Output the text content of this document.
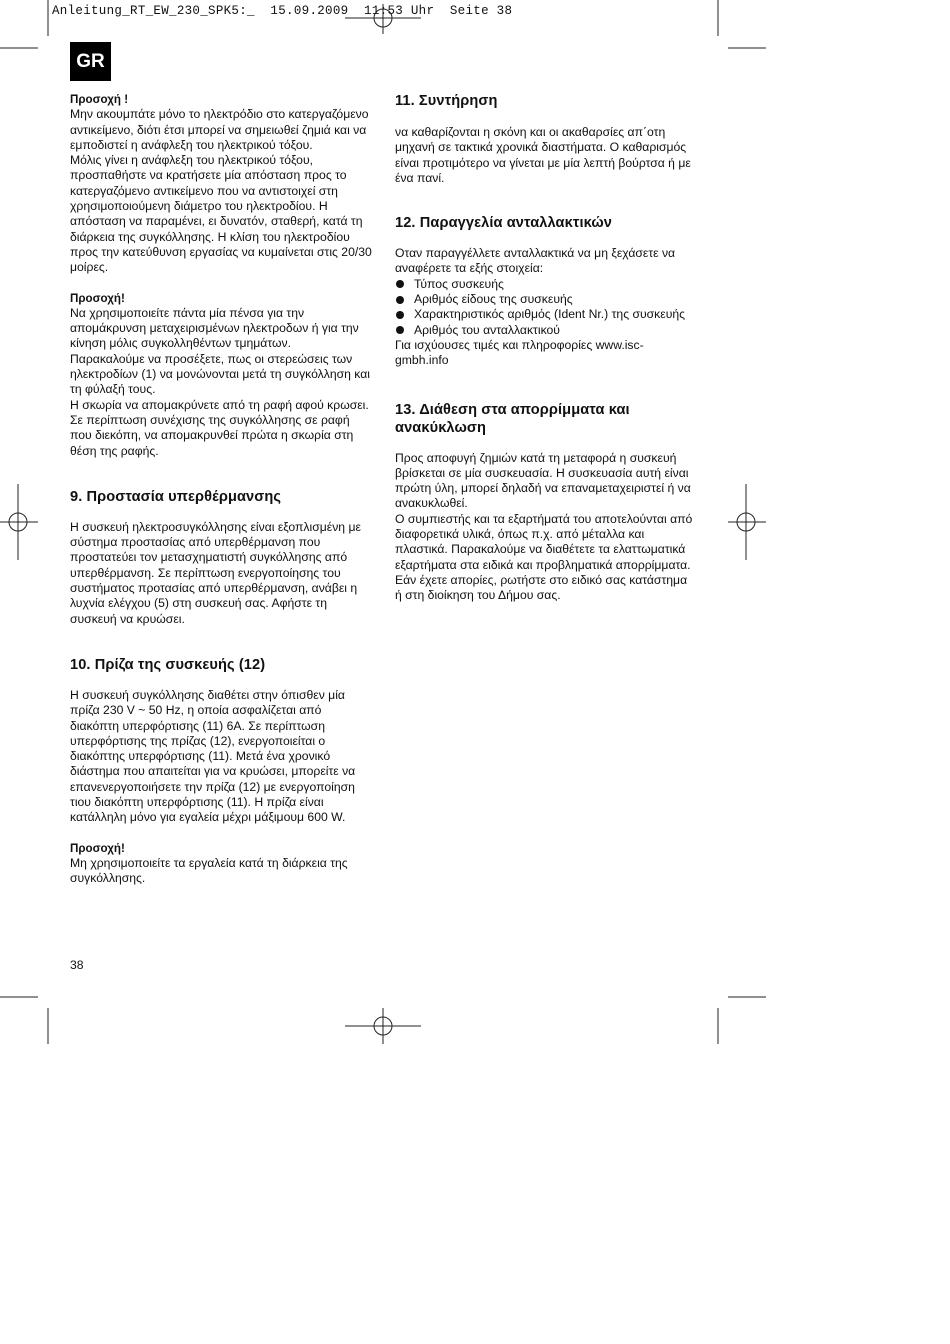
Anleitung_RT_EW_230_SPK5:_  15.09.2009  11:53 Uhr  Seite 38
GR

Προσοχή !

Μην ακουμπάτε μόνο το ηλεκτρόδιο στο κατεργαζόμενο αντικείμενο, διότι έτσι μπορεί να σημειωθεί ζημιά και να εμποδιστεί η ανάφλεξη του ηλεκτρικού τόξου.

Μόλις γίνει η ανάφλεξη του ηλεκτρικού τόξου, προσπαθήστε να κρατήσετε μία απόσταση προς το κατεργαζόμενο αντικείμενο που να αντιστοιχεί στη χρησιμοποιούμενη διάμετρο του ηλεκτροδίου. Η απόσταση να παραμένει, ει δυνατόν, σταθερή, κατά τη διάρκεια της συγκόλλησης. Η κλίση του ηλεκτροδίου προς την κατεύθυνση εργασίας να κυμαίνεται στις 20/30 μοίρες.

Προσοχή!

Να χρησιμοποιείτε πάντα μία πένσα για την απομάκρυνση μεταχειρισμένων ηλεκτροδων ή για την κίνηση μόλις συγκολληθέντων τμημάτων.

Παρακαλούμε να προσέξετε, πως οι στερεώσεις των ηλεκτροδίων (1) να μονώνονται μετά τη συγκόλληση και τη φύλαξή τους.

Η σκωρία να απομακρύνετε από τη ραφή αφού κρωσει.

Σε περίπτωση συνέχισης της συγκόλλησης σε ραφή που διεκόπη, να απομακρυνθεί πρώτα η σκωρία στη θέση της ραφής.

9. Προστασία υπερθέρμανσης

Η συσκευή ηλεκτροσυγκόλλησης είναι εξοπλισμένη με σύστημα προστασίας από υπερθέρμανση που προστατεύει τον μετασχηματιστή συγκόλλησης από υπερθέρμανση. Σε περίπτωση ενεργοποίησης του συστήματος προτασίας από υπερθέρμανση, ανάβει η λυχνία ελέγχου (5) στη συσκευή σας. Αφήστε τη συσκευή να κρυώσει.

10. Πρίζα της συσκευής (12)

Η συσκευή συγκόλλησης διαθέτει στην όπισθεν μία πρίζα 230 V ~ 50 Hz, η οποία ασφαλίζεται από διακόπτη υπερφόρτισης (11) 6A. Σε περίπτωση υπερφόρτισης της πρίζας (12), ενεργοποιείται ο διακόπτης υπερφόρτισης (11). Μετά ένα χρονικό διάστημα που απαιτείται για να κρυώσει, μπορείτε να επανενεργοποιήσετε την πρίζα (12) με ενεργοποίηση τιου διακόπτη υπερφόρτισης (11). Η πρίζα είναι κατάλληλη μόνο για εγαλεία μέχρι μάξιμουμ 600 W.

Προσοχή!

Μη χρησιμοποιείτε τα εργαλεία κατά τη διάρκεια της συγκόλλησης.

11. Συντήρηση

να καθαρίζονται η σκόνη και οι ακαθαρσίες απ΄οτη μηχανή σε τακτικά χρονικά διαστήματα. Ο καθαρισμός είναι προτιμότερο να γίνεται με μία λεπτή βούρτσα ή με ένα πανί.

12. Παραγγελία ανταλλακτικών

Οταν παραγγέλλετε ανταλλακτικά να μη ξεχάσετε να αναφέρετε τα εξής στοιχεία:

Τύπος συσκευής
Αριθμός είδους της συσκευής
Χαρακτηριστικός αριθμός (Ident Nr.) της συσκευής
Αριθμός του ανταλλακτικού

Για ισχύουσες τιμές και πληροφορίες www.isc-gmbh.info

13. Διάθεση στα απορρίμματα και ανακύκλωση

Προς αποφυγή ζημιών κατά τη μεταφορά η συσκευή βρίσκεται σε μία συσκευασία. Η συσκευασία αυτή είναι πρώτη ύλη, μπορεί δηλαδή να επαναμεταχειριστεί ή να ανακυκλωθεί.

Ο συμπιεστής και τα εξαρτήματά του αποτελούνται από διαφορετικά υλικά, όπως π.χ. από μέταλλα και πλαστικά. Παρακαλούμε να διαθέτετε τα ελαττωματικά εξαρτήματα στα ειδικά και προβληματικά απορρίμματα. Εάν έχετε απορίες, ρωτήστε στο ειδικό σας κατάστημα ή στη διοίκηση του Δήμου σας.

38
